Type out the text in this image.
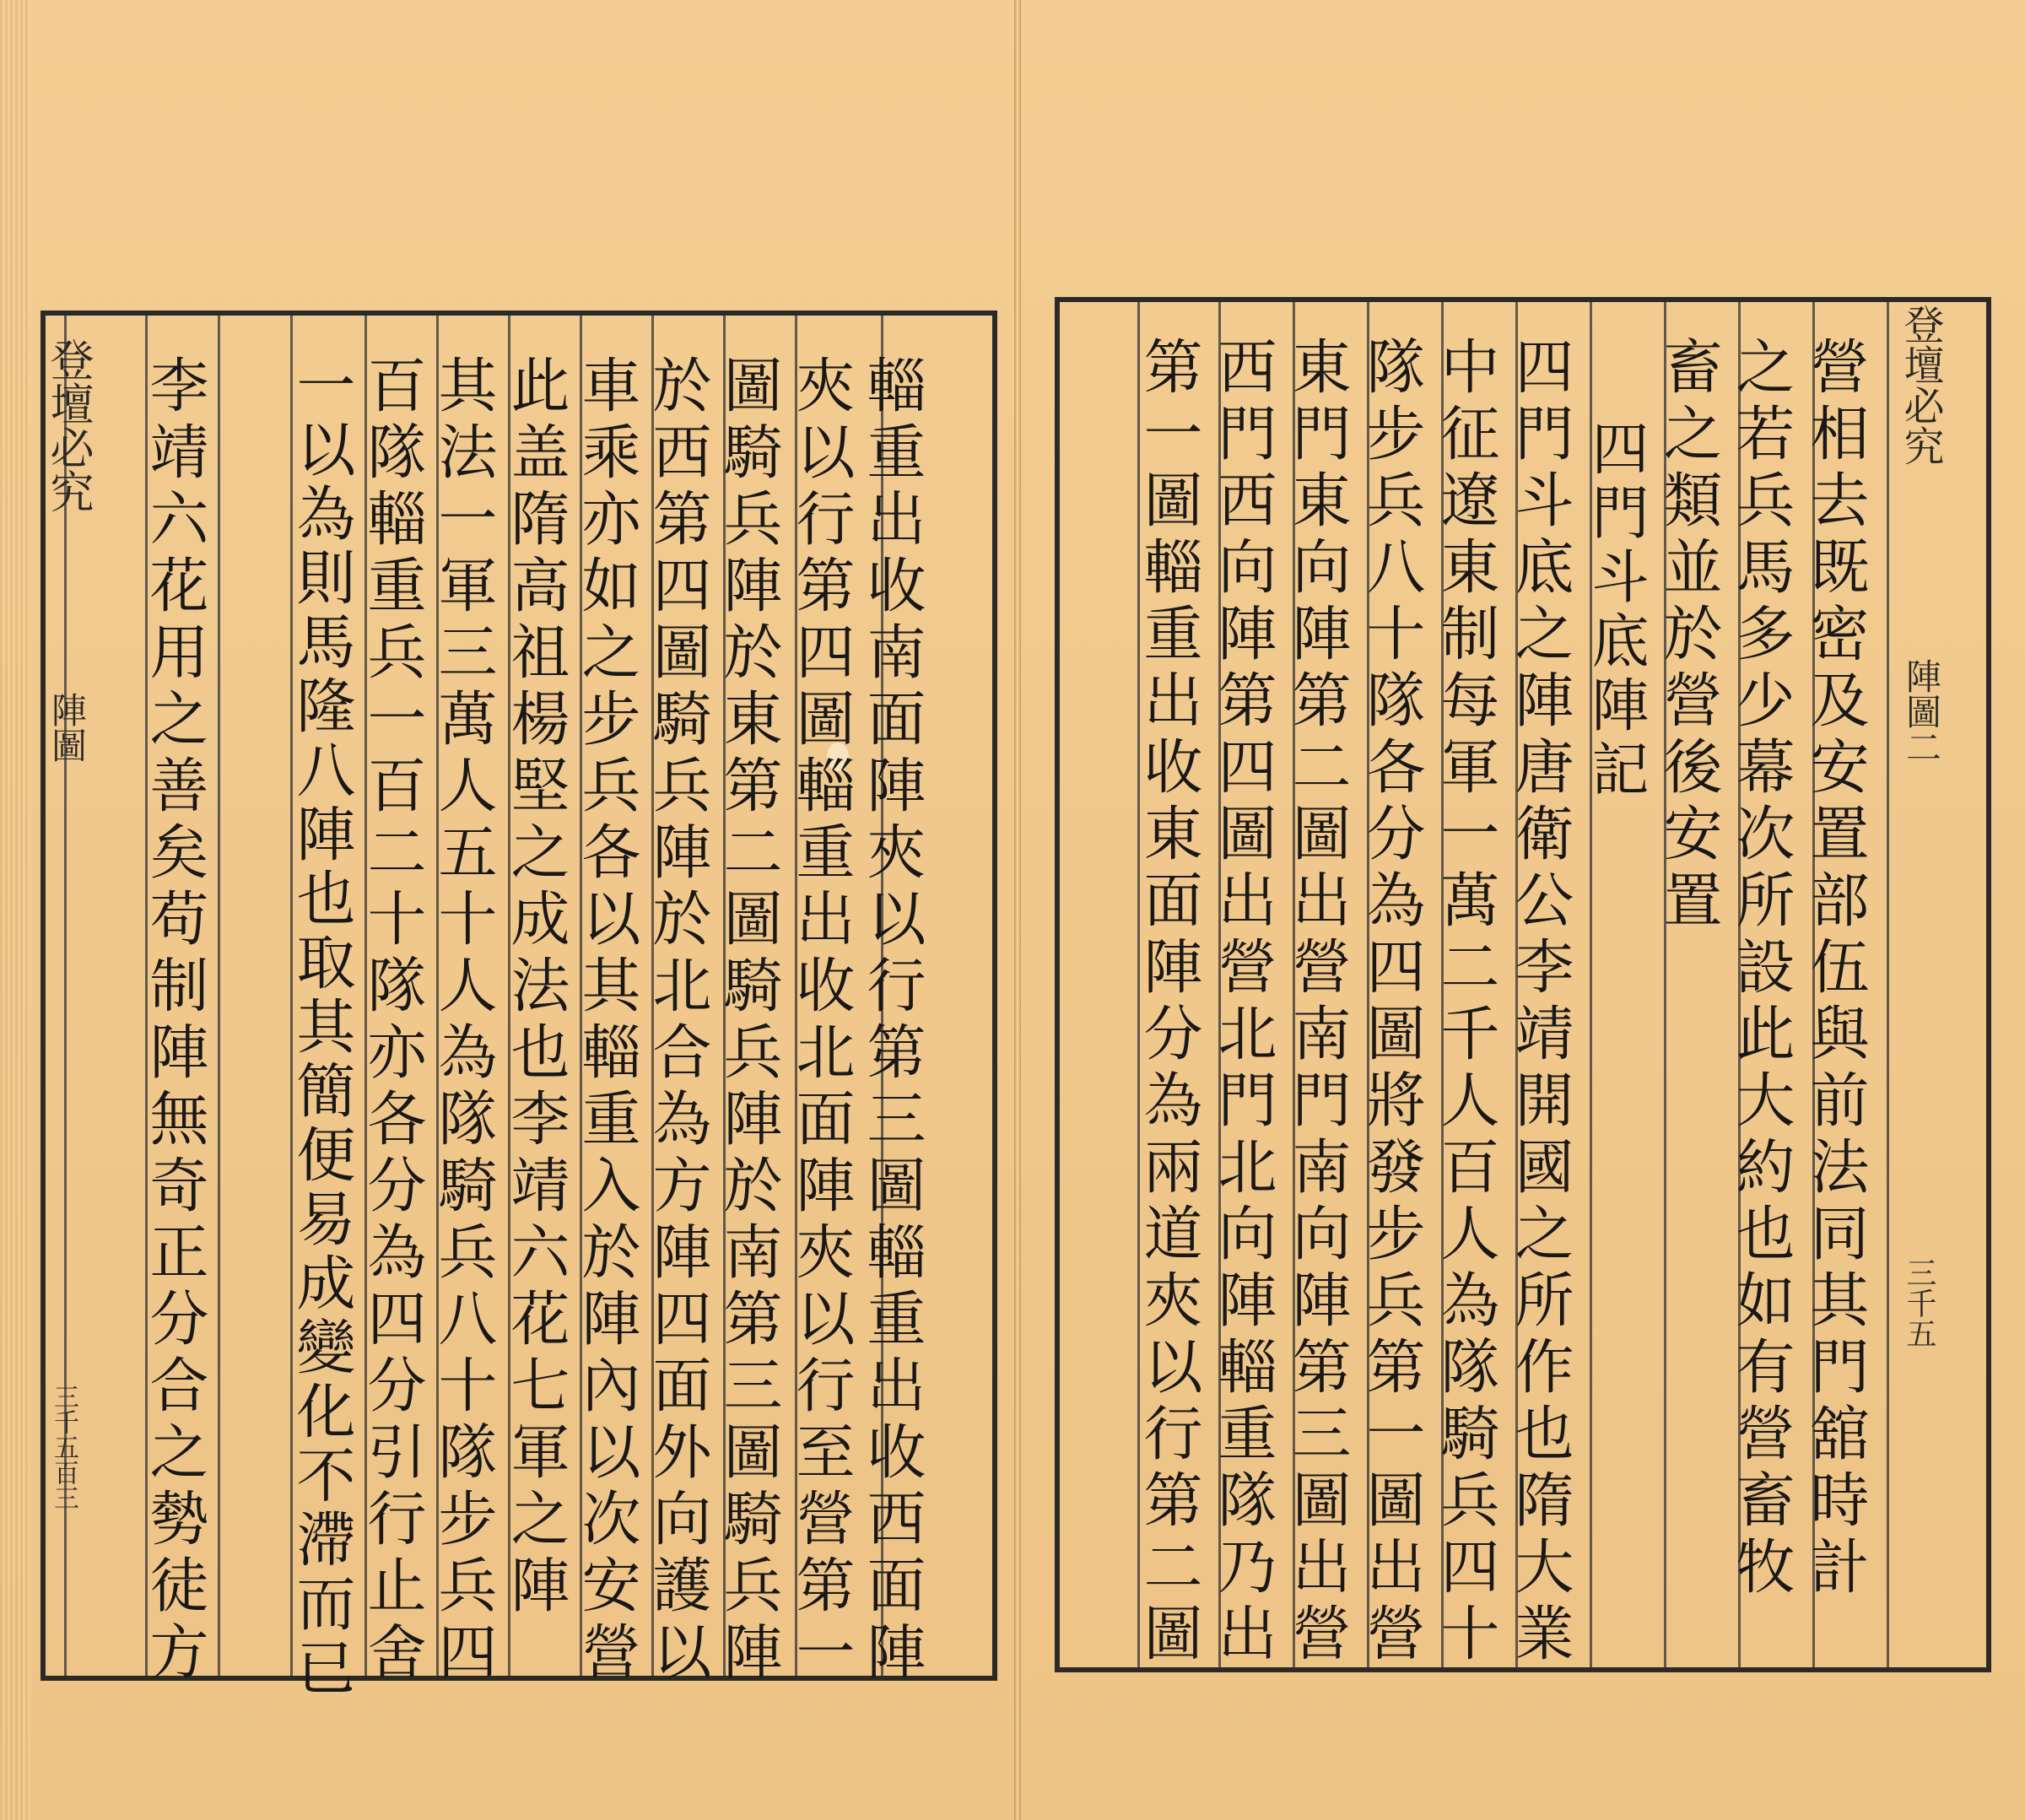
登壇必究
陣圖
三千五百三	輜重出收南面陣夾以行第三圖輜重出收西面陣
夾以行第四圖輜重出收北面陣夾以行至營第一
圖騎兵陣於東第二圖騎兵陣於南第三圖騎兵陣
於西第四圖騎兵陣於北合為方陣四面外向護以
車乘亦如之步兵各以其輜重入於陣內以次安營
此盖隋高祖楊堅之成法也李靖六花七軍之陣
其法一軍三萬人五十人為隊騎兵八十隊步兵四
百隊輜重兵一百二十隊亦各分為四分引行止舍
一以為則馬隆八陣也取其簡便易成變化不滯而已
李靖六花用之善矣苟制陣無奇正分合之勢徒方	登壇必究
陣圖二
三千五
營相去既密及安置部伍與前法同其門舘時計
之若兵馬多少幕次所設此大約也如有營畜牧
畜之類並於營後安置
四門斗底陣記
四門斗底之陣唐衛公李靖開國之所作也隋大業
中征遼東制每軍一萬二千人百人為隊騎兵四十
隊步兵八十隊各分為四圖將發步兵第一圖出營
東門東向陣第二圖出營南門南向陣第三圖出營
西門西向陣第四圖出營北門北向陣輜重隊乃出
第一圖輜重出收東面陣分為兩道夾以行第二圖
